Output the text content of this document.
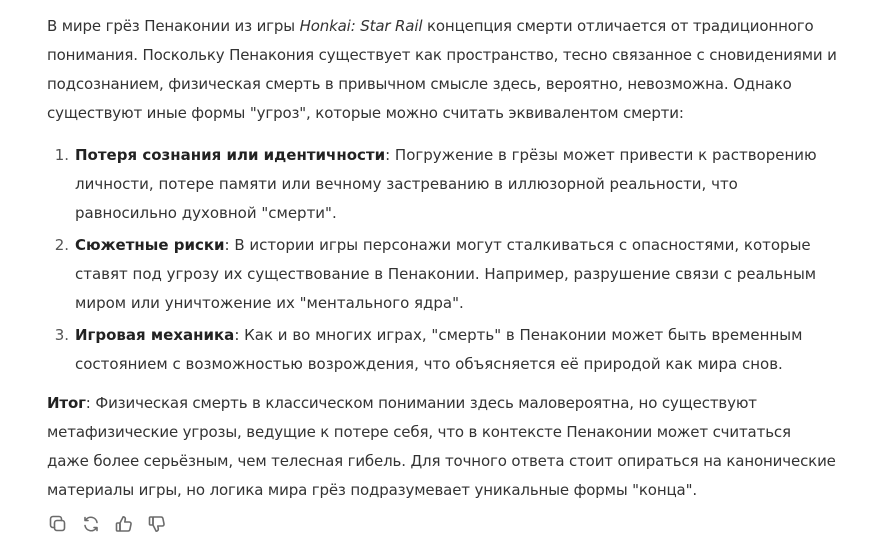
В мире грёз Пенаконии из игры Honkai: Star Rail концепция смерти отличается от традиционного понимания. Поскольку Пенакония существует как пространство, тесно связанное с сновидениями и подсознанием, физическая смерть в привычном смысле здесь, вероятно, невозможна. Однако существуют иные формы "угроз", которые можно считать эквивалентом смерти:

1. Потеря сознания или идентичности: Погружение в грёзы может привести к растворению личности, потере памяти или вечному застреванию в иллюзорной реальности, что равносильно духовной "смерти".
2. Сюжетные риски: В истории игры персонажи могут сталкиваться с опасностями, которые ставят под угрозу их существование в Пенаконии. Например, разрушение связи с реальным миром или уничтожение их "ментального ядра".
3. Игровая механика: Как и во многих играх, "смерть" в Пенаконии может быть временным состоянием с возможностью возрождения, что объясняется её природой как мира снов.

Итог: Физическая смерть в классическом понимании здесь маловероятна, но существуют метафизические угрозы, ведущие к потере себя, что в контексте Пенаконии может считаться даже более серьёзным, чем телесная гибель. Для точного ответа стоит опираться на канонические материалы игры, но логика мира грёз подразумевает уникальные формы "конца".
